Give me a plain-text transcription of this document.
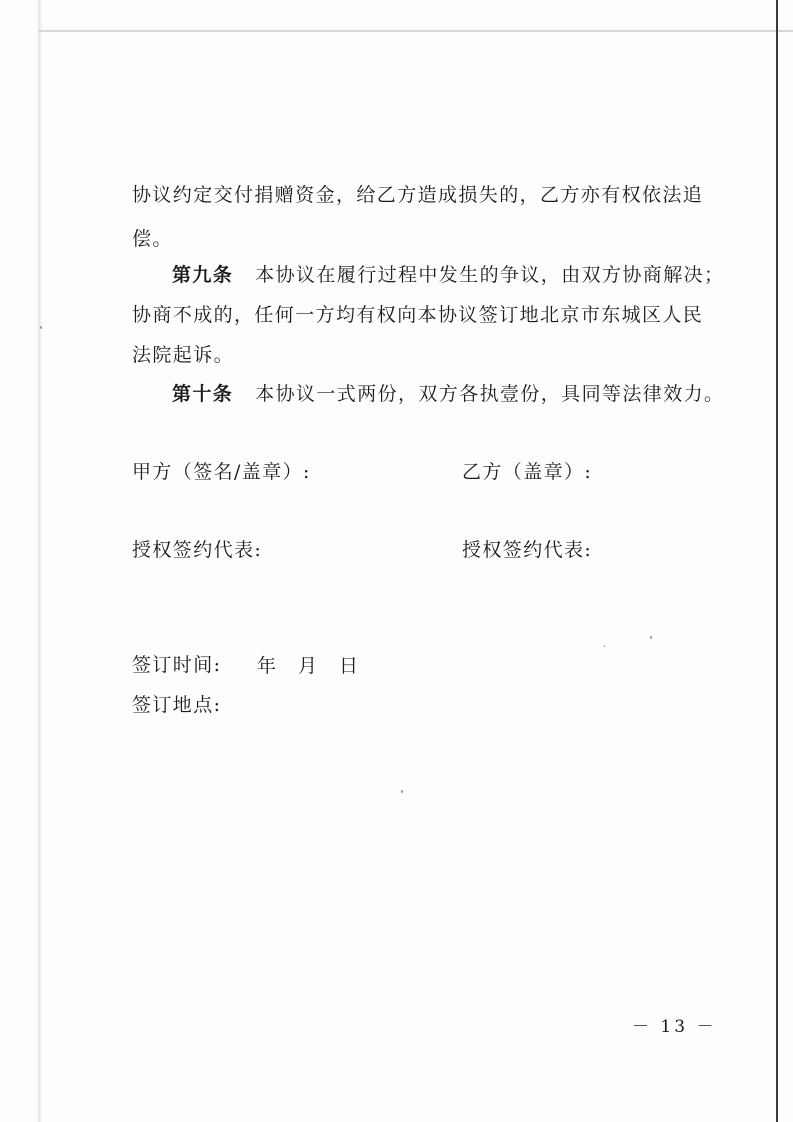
协议约定交付捐赠资金，给乙方造成损失的，乙方亦有权依法追

偿。

第九条 本协议在履行过程中发生的争议，由双方协商解决；

协商不成的，任何一方均有权向本协议签订地北京市东城区人民

法院起诉。

第十条 本协议一式两份，双方各执壹份，具同等法律效力。

甲方（签名/盖章）:	乙方（盖章）:

授权签约代表:	授权签约代表:

签订时间: 年 月 日

签订地点:

－ 13 －
